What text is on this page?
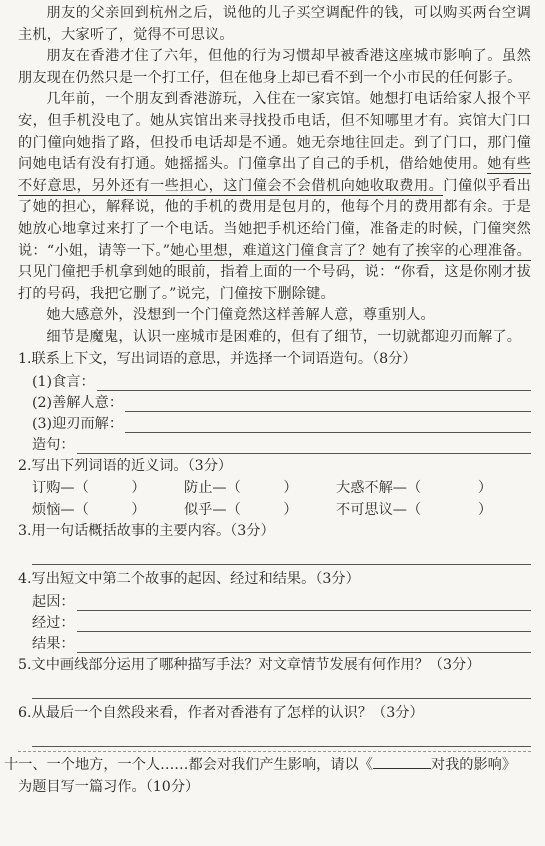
朋友的父亲回到杭州之后，说他的儿子买空调配件的钱，可以购买两台空调主机，大家听了，觉得不可思议。

朋友在香港才住了六年，但他的行为习惯却早被香港这座城市影响了。虽然朋友现在仍然只是一个打工仔，但在他身上却已看不到一个小市民的任何影子。

几年前，一个朋友到香港游玩，入住在一家宾馆。她想打电话给家人报个平安，但手机没电了。她从宾馆出来寻找投币电话，但不知哪里才有。宾馆大门口的门僮向她指了路，但投币电话却是不通。她无奈地往回走。到了门口，那门僮问她电话有没有打通。她摇摇头。门僮拿出了自己的手机，借给她使用。她有些不好意思，另外还有一些担心，这门僮会不会借机向她收取费用。门僮似乎看出了她的担心，解释说，他的手机的费用是包月的，他每个月的费用都有余。于是她放心地拿过来打了一个电话。当她把手机还给门僮，准备走的时候，门僮突然说：“小姐，请等一下。”她心里想，难道这门僮食言了？她有了挨宰的心理准备。只见门僮把手机拿到她的眼前，指着上面的一个号码，说：“你看，这是你刚才拔打的号码，我把它删了。”说完，门僮按下删除键。

她大感意外，没想到一个门僮竟然这样善解人意，尊重别人。

细节是魔鬼，认识一座城市是困难的，但有了细节，一切就都迎刃而解了。

1.联系上下文，写出词语的意思，并选择一个词语造句。（8分）

(1)食言：
(2)善解人意：
(3)迎刃而解：
造句：

2.写出下列词语的近义词。（3分）

订购—（　　　）	防止—（　　　）	大惑不解—（　　　　）
烦恼—（　　　）	似乎—（　　　）	不可思议—（　　　　）

3.用一句话概括故事的主要内容。（3分）

4.写出短文中第二个故事的起因、经过和结果。（3分）

起因：
经过：
结果：

5.文中画线部分运用了哪种描写手法？对文章情节发展有何作用？（3分）

6.从最后一个自然段来看，作者对香港有了怎样的认识？（3分）

十一、一个地方，一个人……都会对我们产生影响，请以《	对我的影响》

为题目写一篇习作。（10分）
